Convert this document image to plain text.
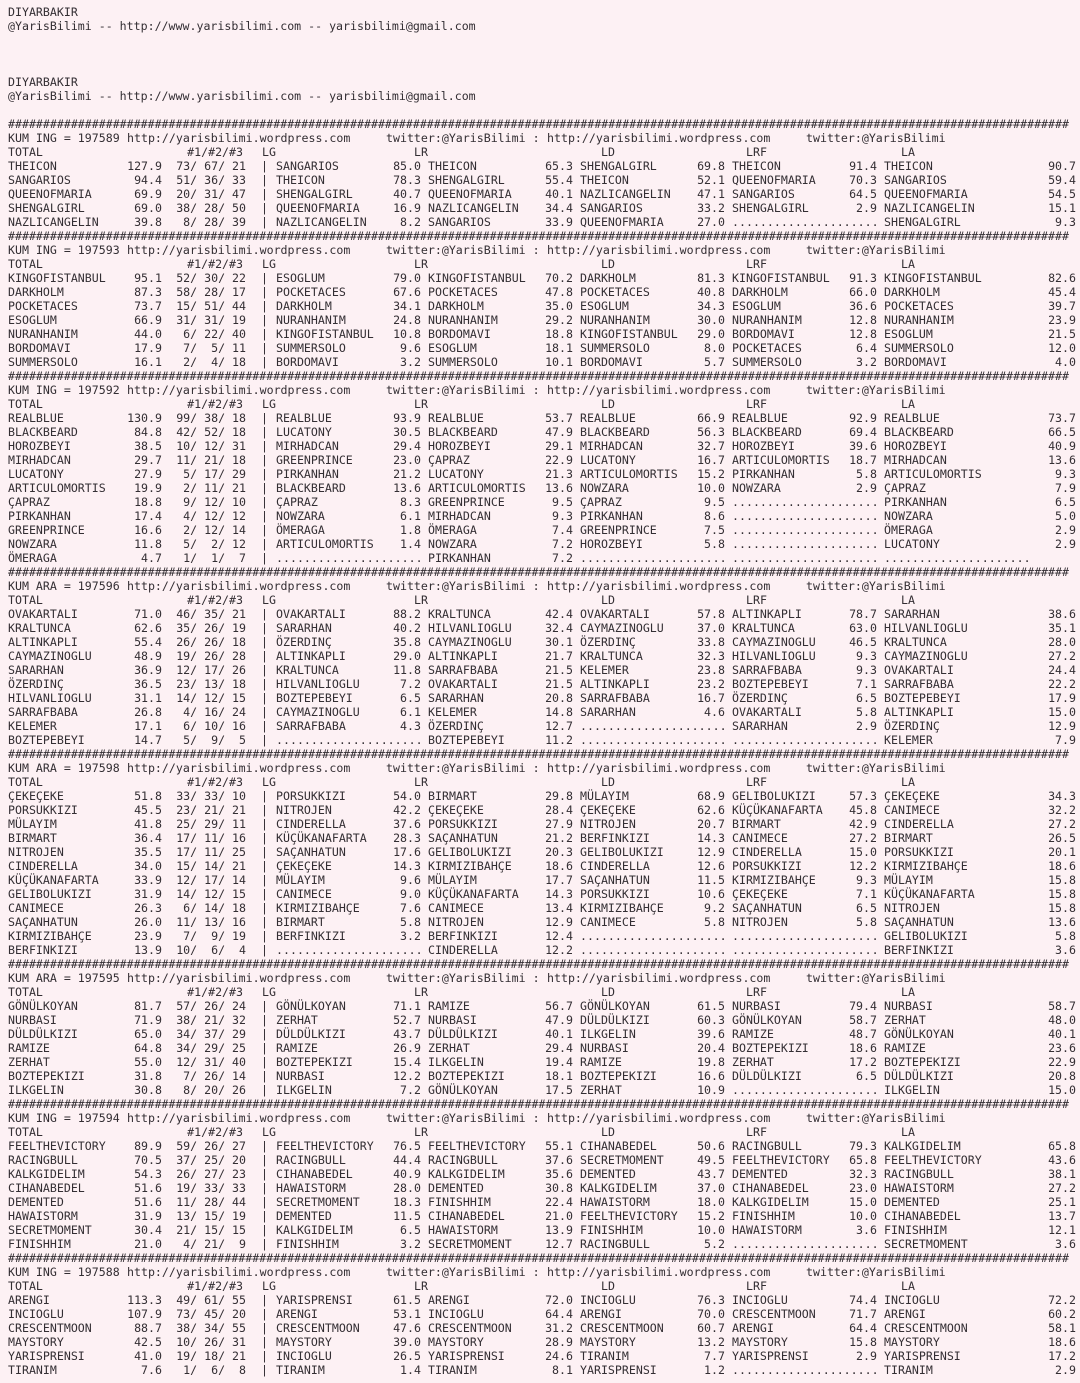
DIYARBAKIR
@YarisBilimi -- http://www.yarisbilimi.com -- yarisbilimi@gmail.com
DIYARBAKIR
@YarisBilimi -- http://www.yarisbilimi.com -- yarisbilimi@gmail.com
########################################################################################################################################################
KUM ING = 197589 http://yarisbilimi.wordpress.com	twitter:@YarisBilimi : http://yarisbilimi.wordpress.com	twitter:@YarisBilimi
TOTAL	#1/#2/#3 LG	LR	LD	LRF	LA
THEICON	127.9 73/ 67/ 21 | SANGARIOS	85.0 THEICON	65.3 SHENGALGIRL	69.8 THEICON	91.4 THEICON	90.7
SANGARIOS	94.4 51/ 36/ 33 | THEICON	78.3 SHENGALGIRL	55.4 THEICON	52.1 QUEENOFMARIA	70.3 SANGARIOS	59.4
QUEENOFMARIA	69.9 20/ 31/ 47 | SHENGALGIRL	40.7 QUEENOFMARIA	40.1 NAZLICANGELIN 47.1 SANGARIOS	64.5 QUEENOFMARIA	54.5
SHENGALGIRL	69.0 38/ 28/ 50 | QUEENOFMARIA	16.9 NAZLICANGELIN 34.4 SANGARIOS	33.2 SHENGALGIRL	2.9 NAZLICANGELIN	15.1
NAZLICANGELIN	39.8 8/ 28/ 39 | NAZLICANGELIN	8.2 SANGARIOS	33.9 QUEENOFMARIA	27.0 ..................... SHENGALGIRL	9.3
########################################################################################################################################################
KUM ING = 197593 http://yarisbilimi.wordpress.com	twitter:@YarisBilimi : http://yarisbilimi.wordpress.com	twitter:@YarisBilimi
TOTAL	#1/#2/#3 LG	LR	LD	LRF	LA
KINGOFISTANBUL 95.1 52/ 30/ 22 | ESOGLUM	79.0 KINGOFISTANBUL 70.2 DARKHOLM	81.3 KINGOFISTANBUL 91.3 KINGOFISTANBUL	82.6
DARKHOLM	87.3 58/ 28/ 17 | POCKETACES	67.6 POCKETACES	47.8 POCKETACES	40.8 DARKHOLM	66.0 DARKHOLM	45.4
POCKETACES	73.7 15/ 51/ 44 | DARKHOLM	34.1 DARKHOLM	35.0 ESOGLUM	34.3 ESOGLUM	36.6 POCKETACES	39.7
ESOGLUM	66.9 31/ 31/ 19 | NURANHANIM	24.8 NURANHANIM	29.2 NURANHANIM	30.0 NURANHANIM	12.8 NURANHANIM	23.9
NURANHANIM	44.0 6/ 22/ 40 | KINGOFISTANBUL 10.8 BORDOMAVI	18.8 KINGOFISTANBUL 29.0 BORDOMAVI	12.8 ESOGLUM	21.5
BORDOMAVI	17.9 7/  5/ 11 | SUMMERSOLO	9.6 ESOGLUM	18.1 SUMMERSOLO	8.0 POCKETACES	6.4 SUMMERSOLO	12.0
SUMMERSOLO	16.1 2/  4/ 18 | BORDOMAVI	3.2 SUMMERSOLO	10.1 BORDOMAVI	5.7 SUMMERSOLO	3.2 BORDOMAVI	4.0
########################################################################################################################################################
KUM ING = 197592 http://yarisbilimi.wordpress.com	twitter:@YarisBilimi : http://yarisbilimi.wordpress.com	twitter:@YarisBilimi
TOTAL	#1/#2/#3 LG	LR	LD	LRF	LA
REALBLUE	130.9 99/ 38/ 18 | REALBLUE	93.9 REALBLUE	53.7 REALBLUE	66.9 REALBLUE	92.9 REALBLUE	73.7
BLACKBEARD	84.8 42/ 52/ 18 | LUCATONY	30.5 BLACKBEARD	47.9 BLACKBEARD	56.3 BLACKBEARD	69.4 BLACKBEARD	66.5
HOROZBEYI	38.5 10/ 12/ 31 | MIRHADCAN	29.4 HOROZBEYI	29.1 MIRHADCAN	32.7 HOROZBEYI	39.6 HOROZBEYI	40.9
MIRHADCAN	29.7 11/ 21/ 18 | GREENPRINCE	23.0 ÇAPRAZ	22.9 LUCATONY	16.7 ARTICULOMORTIS 18.7 MIRHADCAN	13.6
LUCATONY	27.9 5/ 17/ 29 | PIRKANHAN	21.2 LUCATONY	21.3 ARTICULOMORTIS 15.2 PIRKANHAN	5.8 ARTICULOMORTIS	9.3
ARTICULOMORTIS 19.9 2/ 11/ 21 | BLACKBEARD	13.6 ARTICULOMORTIS 13.6 NOWZARA	10.0 NOWZARA	2.9 ÇAPRAZ	7.9
ÇAPRAZ	18.8 9/ 12/ 10 | ÇAPRAZ	8.3 GREENPRINCE	9.5 ÇAPRAZ	9.5 ..................... PIRKANHAN	6.5
PIRKANHAN	17.4 4/ 12/ 12 | NOWZARA	6.1 MIRHADCAN	9.3 PIRKANHAN	8.6 ..................... NOWZARA	5.0
GREENPRINCE	16.6 2/ 12/ 14 | ÖMERAGA	1.8 ÖMERAGA	7.4 GREENPRINCE	7.5 ..................... ÖMERAGA	2.9
NOWZARA	11.8 5/  2/ 12 | ARTICULOMORTIS 1.4 NOWZARA	7.2 HOROZBEYI	5.8 ..................... LUCATONY	2.9
ÖMERAGA	4.7 1/  1/  7 | ..................... PIRKANHAN	7.2 ..................... ..................... .....................
########################################################################################################################################################
KUM ARA = 197596 http://yarisbilimi.wordpress.com	twitter:@YarisBilimi : http://yarisbilimi.wordpress.com	twitter:@YarisBilimi
TOTAL	#1/#2/#3 LG	LR	LD	LRF	LA
OVAKARTALI	71.0 46/ 35/ 21 | OVAKARTALI	88.2 KRALTUNCA	42.4 OVAKARTALI	57.8 ALTINKAPLI	78.7 SARARHAN	38.6
KRALTUNCA	62.6 35/ 26/ 19 | SARARHAN	40.2 HILVANLIOGLU	32.4 CAYMAZINOGLU	37.0 KRALTUNCA	63.0 HILVANLIOGLU	35.1
ALTINKAPLI	55.4 26/ 26/ 18 | ÖZERDINÇ	35.8 CAYMAZINOGLU	30.1 ÖZERDINÇ	33.8 CAYMAZINOGLU	46.5 KRALTUNCA	28.0
CAYMAZINOGLU	48.9 19/ 26/ 28 | ALTINKAPLI	29.0 ALTINKAPLI	21.7 KRALTUNCA	32.3 HILVANLIOGLU	9.3 CAYMAZINOGLU	27.2
SARARHAN	36.9 12/ 17/ 26 | KRALTUNCA	11.8 SARRAFBABA	21.5 KELEMER	23.8 SARRAFBABA	9.3 OVAKARTALI	24.4
ÖZERDINÇ	36.5 23/ 13/ 18 | HILVANLIOGLU	7.2 OVAKARTALI	21.5 ALTINKAPLI	23.2 BOZTEPEBEYI	7.1 SARRAFBABA	22.2
HILVANLIOGLU	31.1 14/ 12/ 15 | BOZTEPEBEYI	6.5 SARARHAN	20.8 SARRAFBABA	16.7 ÖZERDINÇ	6.5 BOZTEPEBEYI	17.9
SARRAFBABA	26.8 4/ 16/ 24 | CAYMAZINOGLU	6.1 KELEMER	14.8 SARARHAN	4.6 OVAKARTALI	5.8 ALTINKAPLI	15.0
KELEMER	17.1 6/ 10/ 16 | SARRAFBABA	4.3 ÖZERDINÇ	12.7 ..................... SARARHAN	2.9 ÖZERDINÇ	12.9
BOZTEPEBEYI	14.7 5/  9/  5 | ..................... BOZTEPEBEYI	11.2 ..................... ..................... KELEMER	7.9
########################################################################################################################################################
KUM ARA = 197598 http://yarisbilimi.wordpress.com	twitter:@YarisBilimi : http://yarisbilimi.wordpress.com	twitter:@YarisBilimi
TOTAL	#1/#2/#3 LG	LR	LD	LRF	LA
ÇEKEÇEKE	51.8 33/ 33/ 10 | PORSUKKIZI	54.0 BIRMART	29.8 MÜLAYIM	68.9 GELIBOLUKIZI	57.3 ÇEKEÇEKE	34.3
PORSUKKIZI	45.5 23/ 21/ 21 | NITROJEN	42.2 ÇEKEÇEKE	28.4 ÇEKEÇEKE	62.6 KÜÇÜKANAFARTA 45.8 CANIMECE	32.2
MÜLAYIM	41.8 25/ 29/ 11 | CINDERELLA	37.6 PORSUKKIZI	27.9 NITROJEN	20.7 BIRMART	42.9 CINDERELLA	27.2
BIRMART	36.4 17/ 11/ 16 | KÜÇÜKANAFARTA 28.3 SAÇANHATUN	21.2 BERFINKIZI	14.3 CANIMECE	27.2 BIRMART	26.5
NITROJEN	35.5 17/ 11/ 25 | SAÇANHATUN	17.6 GELIBOLUKIZI	20.3 GELIBOLUKIZI	12.9 CINDERELLA	15.0 PORSUKKIZI	20.1
CINDERELLA	34.0 15/ 14/ 21 | ÇEKEÇEKE	14.3 KIRMIZIBAHÇE	18.6 CINDERELLA	12.6 PORSUKKIZI	12.2 KIRMIZIBAHÇE	18.6
KÜÇÜKANAFARTA	33.9 12/ 17/ 14 | MÜLAYIM	9.6 MÜLAYIM	17.7 SAÇANHATUN	11.5 KIRMIZIBAHÇE	9.3 MÜLAYIM	15.8
GELIBOLUKIZI	31.9 14/ 12/ 15 | CANIMECE	9.0 KÜÇÜKANAFARTA 14.3 PORSUKKIZI	10.6 ÇEKEÇEKE	7.1 KÜÇÜKANAFARTA	15.8
CANIMECE	26.3 6/ 14/ 18 | KIRMIZIBAHÇE	7.6 CANIMECE	13.4 KIRMIZIBAHÇE	9.2 SAÇANHATUN	6.5 NITROJEN	15.8
SAÇANHATUN	26.0 11/ 13/ 16 | BIRMART	5.8 NITROJEN	12.9 CANIMECE	5.8 NITROJEN	5.8 SAÇANHATUN	13.6
KIRMIZIBAHÇE	23.9 7/  9/ 19 | BERFINKIZI	3.2 BERFINKIZI	12.4 ..................... ..................... GELIBOLUKIZI	5.8
BERFINKIZI	13.9 10/  6/  4 | ..................... CINDERELLA	12.2 ..................... ..................... BERFINKIZI	3.6
########################################################################################################################################################
KUM ARA = 197595 http://yarisbilimi.wordpress.com	twitter:@YarisBilimi : http://yarisbilimi.wordpress.com	twitter:@YarisBilimi
TOTAL	#1/#2/#3 LG	LR	LD	LRF	LA
GÖNÜLKOYAN	81.7 57/ 26/ 24 | GÖNÜLKOYAN	71.1 RAMIZE	56.7 GÖNÜLKOYAN	61.5 NURBASI	79.4 NURBASI	58.7
NURBASI	71.9 38/ 21/ 32 | ZERHAT	52.7 NURBASI	47.9 DÜLDÜLKIZI	60.3 GÖNÜLKOYAN	58.7 ZERHAT	48.0
DÜLDÜLKIZI	65.0 34/ 37/ 29 | DÜLDÜLKIZI	43.7 DÜLDÜLKIZI	40.1 ILKGELIN	39.6 RAMIZE	48.7 GÖNÜLKOYAN	40.1
RAMIZE	64.8 34/ 29/ 25 | RAMIZE	26.9 ZERHAT	29.4 NURBASI	20.4 BOZTEPEKIZI	18.6 RAMIZE	23.6
ZERHAT	55.0 12/ 31/ 40 | BOZTEPEKIZI	15.4 ILKGELIN	19.4 RAMIZE	19.8 ZERHAT	17.2 BOZTEPEKIZI	22.9
BOZTEPEKIZI	31.8 7/ 26/ 14 | NURBASI	12.2 BOZTEPEKIZI	18.1 BOZTEPEKIZI	16.6 DÜLDÜLKIZI	6.5 DÜLDÜLKIZI	20.8
ILKGELIN	30.8 8/ 20/ 26 | ILKGELIN	7.2 GÖNÜLKOYAN	17.5 ZERHAT	10.9 ..................... ILKGELIN	15.0
########################################################################################################################################################
KUM ING = 197594 http://yarisbilimi.wordpress.com	twitter:@YarisBilimi : http://yarisbilimi.wordpress.com	twitter:@YarisBilimi
TOTAL	#1/#2/#3 LG	LR	LD	LRF	LA
FEELTHEVICTORY 89.9 59/ 26/ 27 | FEELTHEVICTORY 76.5 FEELTHEVICTORY 55.1 CIHANABEDEL	50.6 RACINGBULL	79.3 KALKGIDELIM	65.8
RACINGBULL	70.5 37/ 25/ 20 | RACINGBULL	44.4 RACINGBULL	37.6 SECRETMOMENT	49.5 FEELTHEVICTORY 65.8 FEELTHEVICTORY	43.6
KALKGIDELIM	54.3 26/ 27/ 23 | CIHANABEDEL	40.9 KALKGIDELIM	35.6 DEMENTED	43.7 DEMENTED	32.3 RACINGBULL	38.1
CIHANABEDEL	51.6 19/ 33/ 33 | HAWAISTORM	28.0 DEMENTED	30.8 KALKGIDELIM	37.0 CIHANABEDEL	23.0 HAWAISTORM	27.2
DEMENTED	51.6 11/ 28/ 44 | SECRETMOMENT	18.3 FINISHHIM	22.4 HAWAISTORM	18.0 KALKGIDELIM	15.0 DEMENTED	25.1
HAWAISTORM	31.9 13/ 15/ 19 | DEMENTED	11.5 CIHANABEDEL	21.0 FEELTHEVICTORY 15.2 FINISHHIM	10.0 CIHANABEDEL	13.7
SECRETMOMENT	30.4 21/ 15/ 15 | KALKGIDELIM	6.5 HAWAISTORM	13.9 FINISHHIM	10.0 HAWAISTORM	3.6 FINISHHIM	12.1
FINISHHIM	21.0 4/ 21/  9 | FINISHHIM	3.2 SECRETMOMENT	12.7 RACINGBULL	5.2 ..................... SECRETMOMENT	3.6
########################################################################################################################################################
KUM ING = 197588 http://yarisbilimi.wordpress.com	twitter:@YarisBilimi : http://yarisbilimi.wordpress.com	twitter:@YarisBilimi
TOTAL	#1/#2/#3 LG	LR	LD	LRF	LA
ARENGI	113.3 49/ 61/ 55 | YARISPRENSI	61.5 ARENGI	72.0 INCIOGLU	76.3 INCIOGLU	74.4 INCIOGLU	72.2
INCIOGLU	107.9 73/ 45/ 20 | ARENGI	53.1 INCIOGLU	64.4 ARENGI	70.0 CRESCENTMOON	71.7 ARENGI	60.2
CRESCENTMOON	88.7 38/ 34/ 55 | CRESCENTMOON	47.6 CRESCENTMOON	31.2 CRESCENTMOON	60.7 ARENGI	64.4 CRESCENTMOON	58.1
MAYSTORY	42.5 10/ 26/ 31 | MAYSTORY	39.0 MAYSTORY	28.9 MAYSTORY	13.2 MAYSTORY	15.8 MAYSTORY	18.6
YARISPRENSI	41.0 19/ 18/ 21 | INCIOGLU	26.5 YARISPRENSI	24.6 TIRANIM	7.7 YARISPRENSI	2.9 YARISPRENSI	17.2
TIRANIM	7.6 1/  6/  8 | TIRANIM	1.4 TIRANIM	8.1 YARISPRENSI	1.2 ..................... TIRANIM	2.9
